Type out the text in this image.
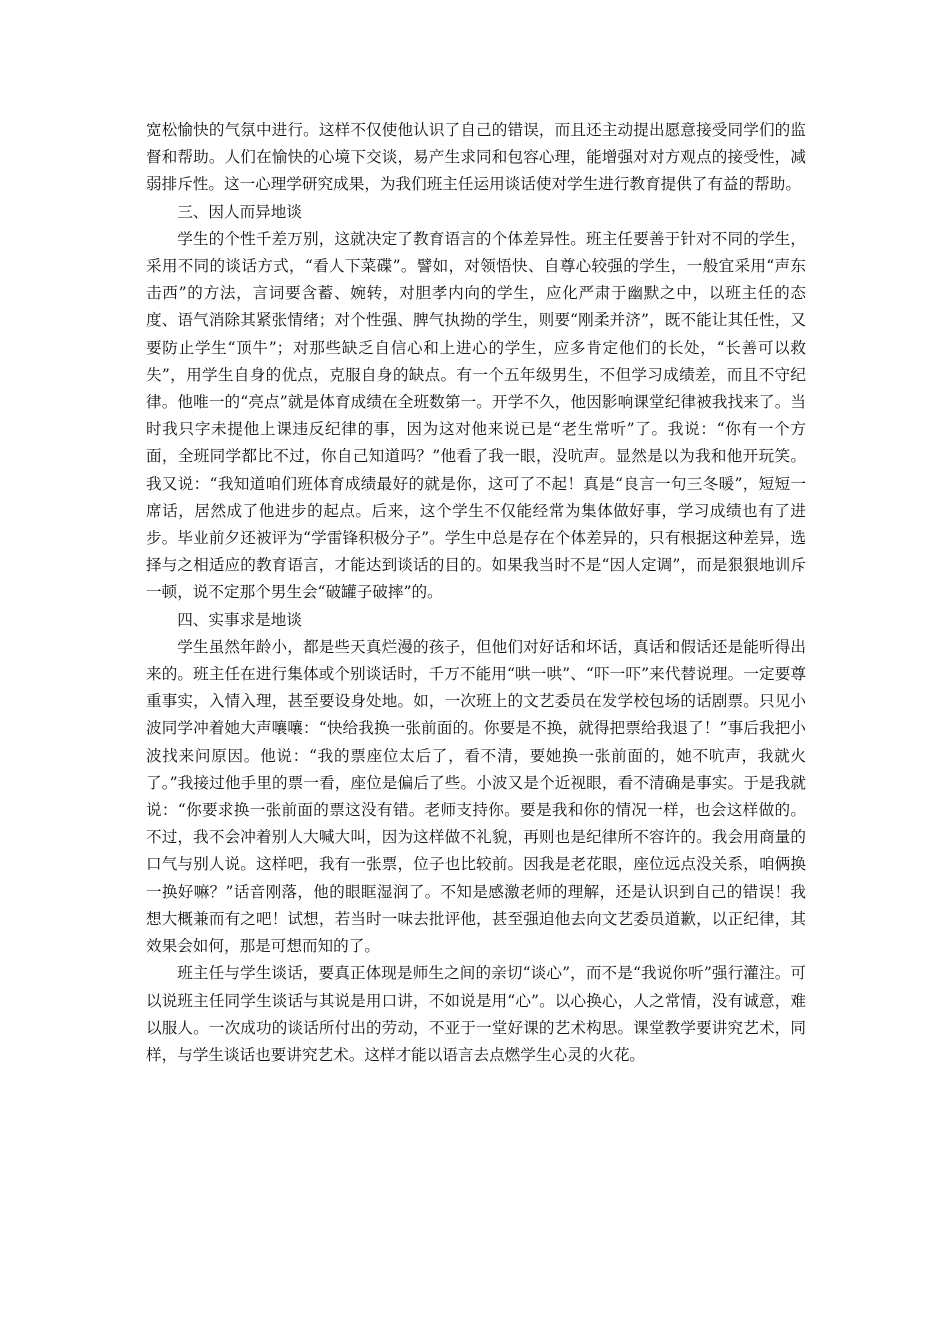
宽松愉快的气氛中进行。这样不仅使他认识了自己的错误，而且还主动提出愿意接受同学们的监督和帮助。人们在愉快的心境下交谈，易产生求同和包容心理，能增强对对方观点的接受性，减弱排斥性。这一心理学研究成果，为我们班主任运用谈话使对学生进行教育提供了有益的帮助。

三、因人而异地谈

学生的个性千差万别，这就决定了教育语言的个体差异性。班主任要善于针对不同的学生，采用不同的谈话方式，“看人下菜碟”。譬如，对领悟快、自尊心较强的学生，一般宜采用“声东击西”的方法，言词要含蓄、婉转，对胆孝内向的学生，应化严肃于幽默之中，以班主任的态度、语气消除其紧张情绪；对个性强、脾气执拗的学生，则要“刚柔并济”，既不能让其任性，又要防止学生“顶牛”；对那些缺乏自信心和上进心的学生，应多肯定他们的长处，“长善可以救失”，用学生自身的优点，克服自身的缺点。有一个五年级男生，不但学习成绩差，而且不守纪律。他唯一的“亮点”就是体育成绩在全班数第一。开学不久，他因影响课堂纪律被我找来了。当时我只字未提他上课违反纪律的事，因为这对他来说已是“老生常听”了。我说：“你有一个方面，全班同学都比不过，你自己知道吗？”他看了我一眼，没吭声。显然是以为我和他开玩笑。我又说：“我知道咱们班体育成绩最好的就是你，这可了不起！真是“良言一句三冬暖”，短短一席话，居然成了他进步的起点。后来，这个学生不仅能经常为集体做好事，学习成绩也有了进步。毕业前夕还被评为“学雷锋积极分子”。学生中总是存在个体差异的，只有根据这种差异，选择与之相适应的教育语言，才能达到谈话的目的。如果我当时不是“因人定调”，而是狠狠地训斥一顿，说不定那个男生会“破罐子破摔”的。

四、实事求是地谈

学生虽然年龄小，都是些天真烂漫的孩子，但他们对好话和坏话，真话和假话还是能听得出来的。班主任在进行集体或个别谈话时，千万不能用“哄一哄”、“吓一吓”来代替说理。一定要尊重事实，入情入理，甚至要设身处地。如，一次班上的文艺委员在发学校包场的话剧票。只见小波同学冲着她大声嚷嚷：“快给我换一张前面的。你要是不换，就得把票给我退了！”事后我把小波找来问原因。他说：“我的票座位太后了，看不清，要她换一张前面的，她不吭声，我就火了。”我接过他手里的票一看，座位是偏后了些。小波又是个近视眼，看不清确是事实。于是我就说：“你要求换一张前面的票这没有错。老师支持你。要是我和你的情况一样，也会这样做的。不过，我不会冲着别人大喊大叫，因为这样做不礼貌，再则也是纪律所不容许的。我会用商量的口气与别人说。这样吧，我有一张票，位子也比较前。因我是老花眼，座位远点没关系，咱俩换一换好嘛？”话音刚落，他的眼眶湿润了。不知是感激老师的理解，还是认识到自己的错误！我想大概兼而有之吧！试想，若当时一味去批评他，甚至强迫他去向文艺委员道歉，以正纪律，其效果会如何，那是可想而知的了。

班主任与学生谈话，要真正体现是师生之间的亲切“谈心”，而不是“我说你听”强行灌注。可以说班主任同学生谈话与其说是用口讲，不如说是用“心”。以心换心，人之常情，没有诚意，难以服人。一次成功的谈话所付出的劳动，不亚于一堂好课的艺术构思。课堂教学要讲究艺术，同样，与学生谈话也要讲究艺术。这样才能以语言去点燃学生心灵的火花。
